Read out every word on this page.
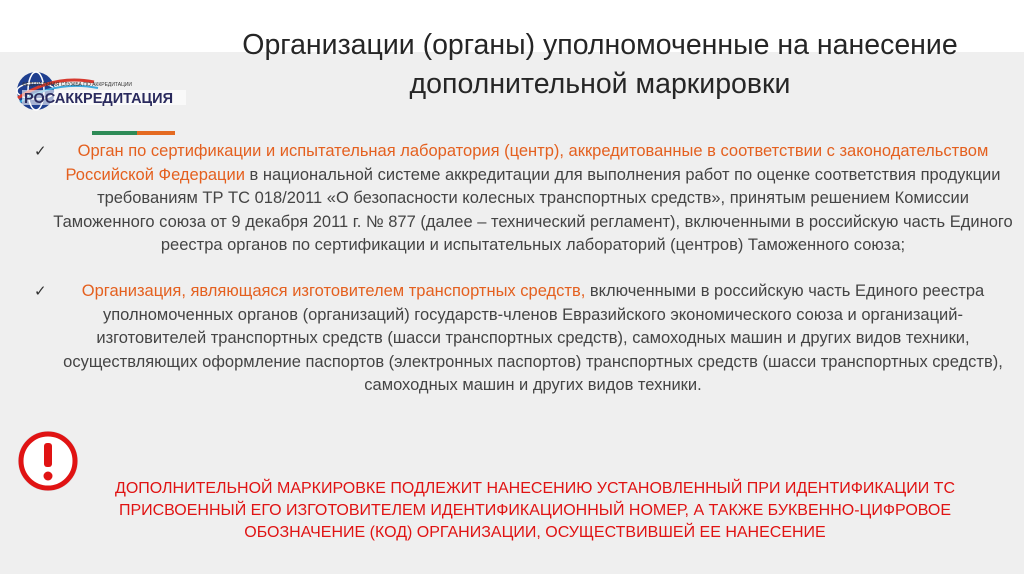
Организации (органы) уполномоченные на нанесение
дополнительной маркировки
ФЕДЕРАЛЬНАЯ СЛУЖБА ПО АККРЕДИТАЦИИ
РОСАККРЕДИТАЦИЯ
✓ Орган по сертификации и испытательная лаборатория (центр), аккредитованные в соответствии с законодательством Российской Федерации в национальной системе аккредитации для выполнения работ по оценке соответствия продукции требованиям ТР ТС 018/2011 «О безопасности колесных транспортных средств», принятым решением Комиссии Таможенного союза от 9 декабря 2011 г. № 877 (далее – технический регламент), включенными в российскую часть Единого реестра органов по сертификации и испытательных лабораторий (центров) Таможенного союза;
✓ Организация, являющаяся изготовителем транспортных средств, включенными в российскую часть Единого реестра уполномоченных органов (организаций) государств-членов Евразийского экономического союза и организаций-изготовителей транспортных средств (шасси транспортных средств), самоходных машин и других видов техники, осуществляющих оформление паспортов (электронных паспортов) транспортных средств (шасси транспортных средств), самоходных машин и других видов техники.
ДОПОЛНИТЕЛЬНОЙ МАРКИРОВКЕ ПОДЛЕЖИТ НАНЕСЕНИЮ УСТАНОВЛЕННЫЙ ПРИ ИДЕНТИФИКАЦИИ ТС ПРИСВОЕННЫЙ ЕГО ИЗГОТОВИТЕЛЕМ ИДЕНТИФИКАЦИОННЫЙ НОМЕР, А ТАКЖЕ БУКВЕННО-ЦИФРОВОЕ ОБОЗНАЧЕНИЕ (КОД) ОРГАНИЗАЦИИ, ОСУЩЕСТВИВШЕЙ ЕЕ НАНЕСЕНИЕ
